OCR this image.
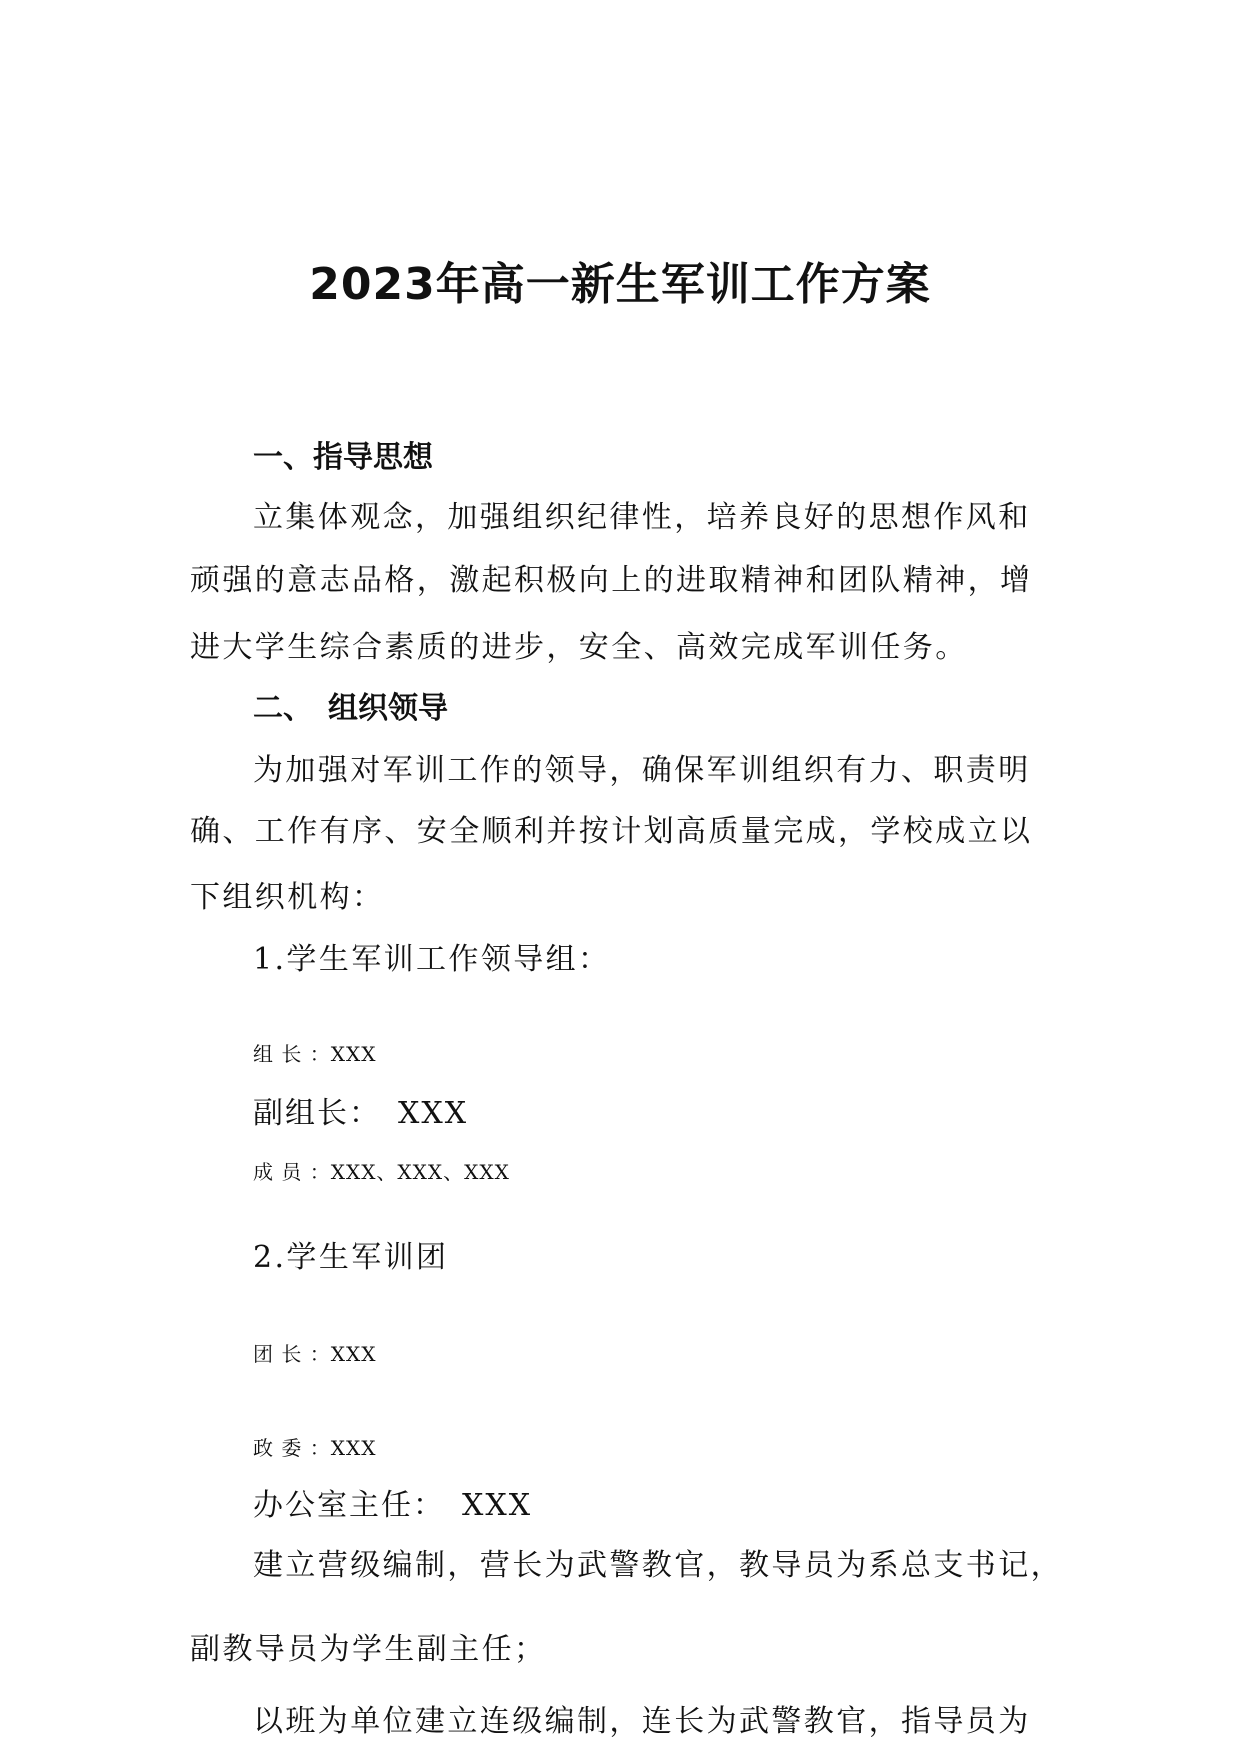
2023年高一新生军训工作方案
一、指导思想
立集体观念，加强组织纪律性，培养良好的思想作风和
顽强的意志品格，激起积极向上的进取精神和团队精神，增
进大学生综合素质的进步，安全、高效完成军训任务。
二、　组织领导
为加强对军训工作的领导，确保军训组织有力、职责明
确、工作有序、安全顺利并按计划高质量完成，学校成立以
下组织机构：
1.学生军训工作领导组：
组 长 ：XXX
副组长：　XXX
成 员 ：XXX、XXX、XXX
2.学生军训团
团 长 ：XXX
政 委 ：XXX
办公室主任：　XXX
建立营级编制，营长为武警教官，教导员为系总支书记，
副教导员为学生副主任；
以班为单位建立连级编制，连长为武警教官，指导员为
